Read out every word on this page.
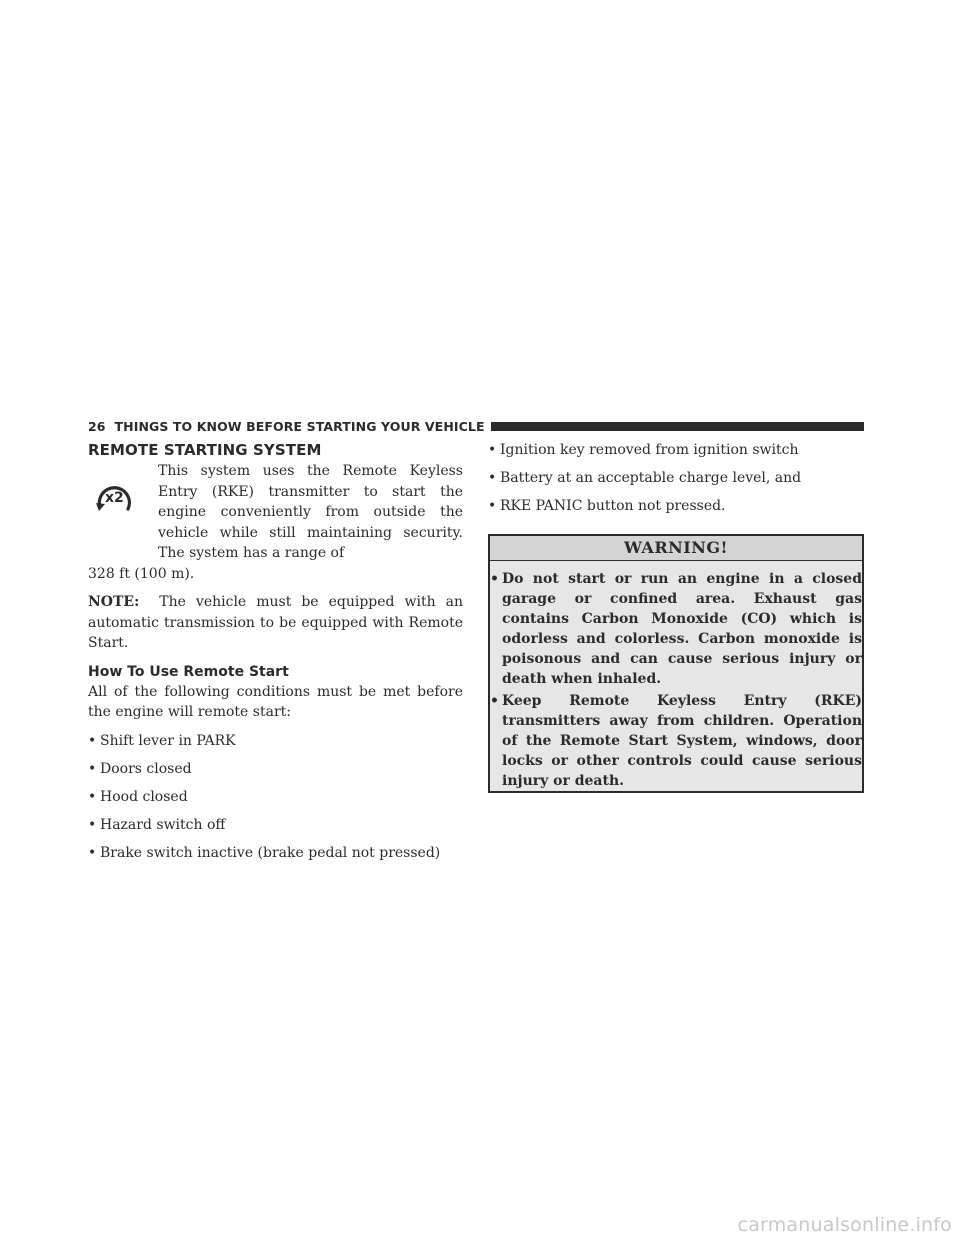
26 THINGS TO KNOW BEFORE STARTING YOUR VEHICLE
REMOTE STARTING SYSTEM
x2

This system uses the Remote Keyless Entry (RKE) transmitter to start the engine conveniently from outside the vehicle while still maintaining security. The system has a range of

328 ft (100 m).

NOTE: The vehicle must be equipped with an automatic transmission to be equipped with Remote Start.

How To Use Remote Start

All of the following conditions must be met before the engine will remote start:

• Shift lever in PARK
• Doors closed
• Hood closed
• Hazard switch off
• Brake switch inactive (brake pedal not pressed)
• Ignition key removed from ignition switch
• Battery at an acceptable charge level, and
• RKE PANIC button not pressed.
WARNING!
• Do not start or run an engine in a closed garage or confined area. Exhaust gas contains Carbon Monoxide (CO) which is odorless and colorless. Carbon monoxide is poisonous and can cause serious injury or death when inhaled.
• Keep Remote Keyless Entry (RKE) transmitters away from children. Operation of the Remote Start System, windows, door locks or other controls could cause serious injury or death.
carmanualsonline.info
